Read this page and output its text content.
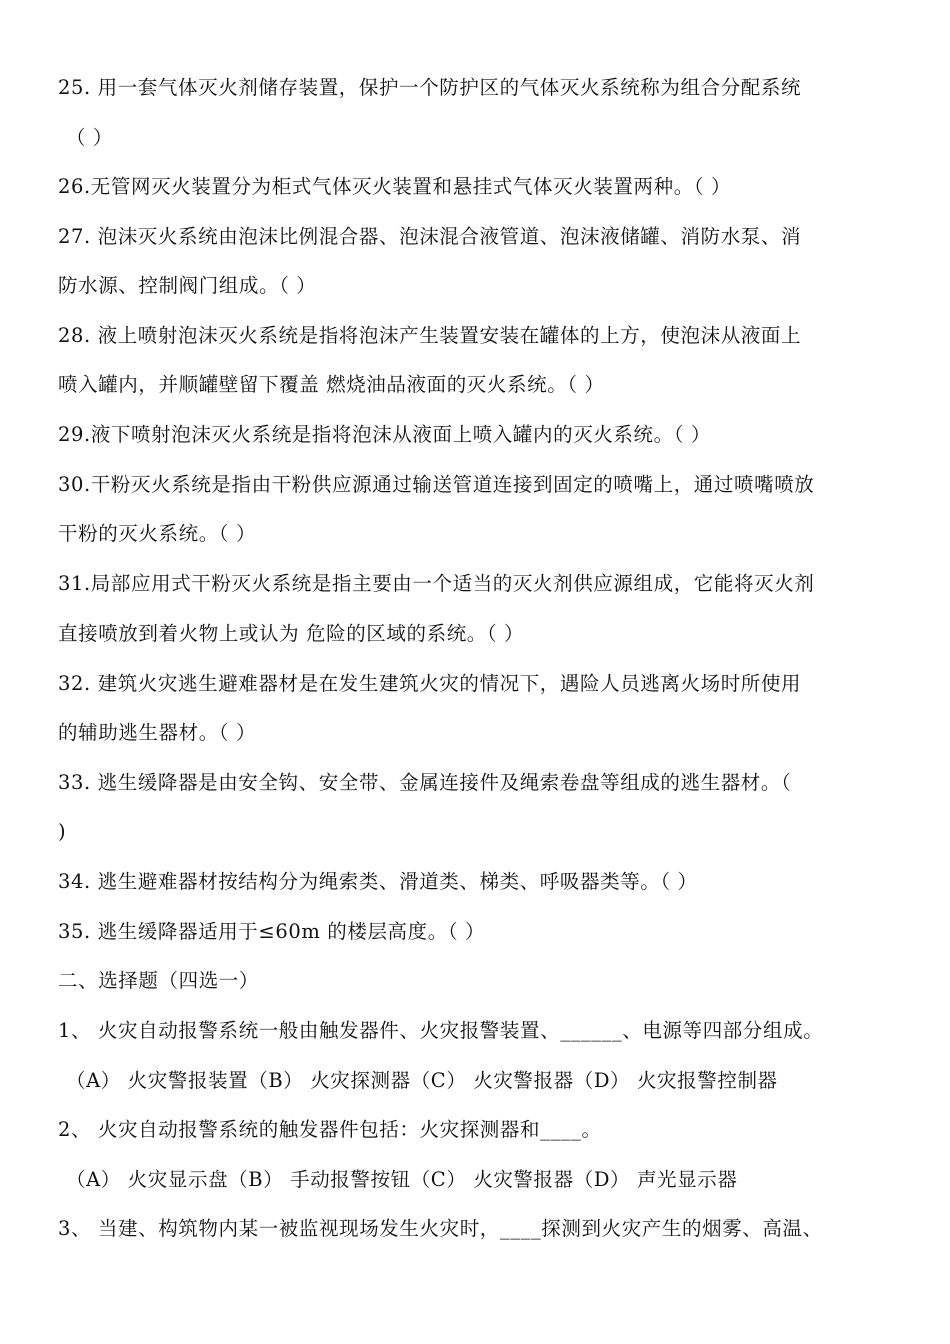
25. 用一套气体灭火剂储存装置，保护一个防护区的气体灭火系统称为组合分配系统
（ ）
26.无管网灭火装置分为柜式气体灭火装置和悬挂式气体灭火装置两种。（ ）
27. 泡沫灭火系统由泡沫比例混合器、泡沫混合液管道、泡沫液储罐、消防水泵、消
防水源、控制阀门组成。（ ）
28. 液上喷射泡沫灭火系统是指将泡沫产生装置安装在罐体的上方，使泡沫从液面上
喷入罐内，并顺罐壁留下覆盖 燃烧油品液面的灭火系统。（ ）
29.液下喷射泡沫灭火系统是指将泡沫从液面上喷入罐内的灭火系统。（ ）
30.干粉灭火系统是指由干粉供应源通过输送管道连接到固定的喷嘴上，通过喷嘴喷放
干粉的灭火系统。（ ）
31.局部应用式干粉灭火系统是指主要由一个适当的灭火剂供应源组成，它能将灭火剂
直接喷放到着火物上或认为 危险的区域的系统。（ ）
32. 建筑火灾逃生避难器材是在发生建筑火灾的情况下，遇险人员逃离火场时所使用
的辅助逃生器材。（ ）
33. 逃生缓降器是由安全钩、安全带、金属连接件及绳索卷盘等组成的逃生器材。（
)
34. 逃生避难器材按结构分为绳索类、滑道类、梯类、呼吸器类等。（ ）
35. 逃生缓降器适用于≤60m 的楼层高度。（ ）
二、选择题（四选一）
1、 火灾自动报警系统一般由触发器件、火灾报警装置、______、电源等四部分组成。
（A） 火灾警报装置（B） 火灾探测器（C） 火灾警报器（D） 火灾报警控制器
2、 火灾自动报警系统的触发器件包括：火灾探测器和____。
（A） 火灾显示盘（B） 手动报警按钮（C） 火灾警报器（D） 声光显示器
3、 当建、构筑物内某一被监视现场发生火灾时，____探测到火灾产生的烟雾、高温、
